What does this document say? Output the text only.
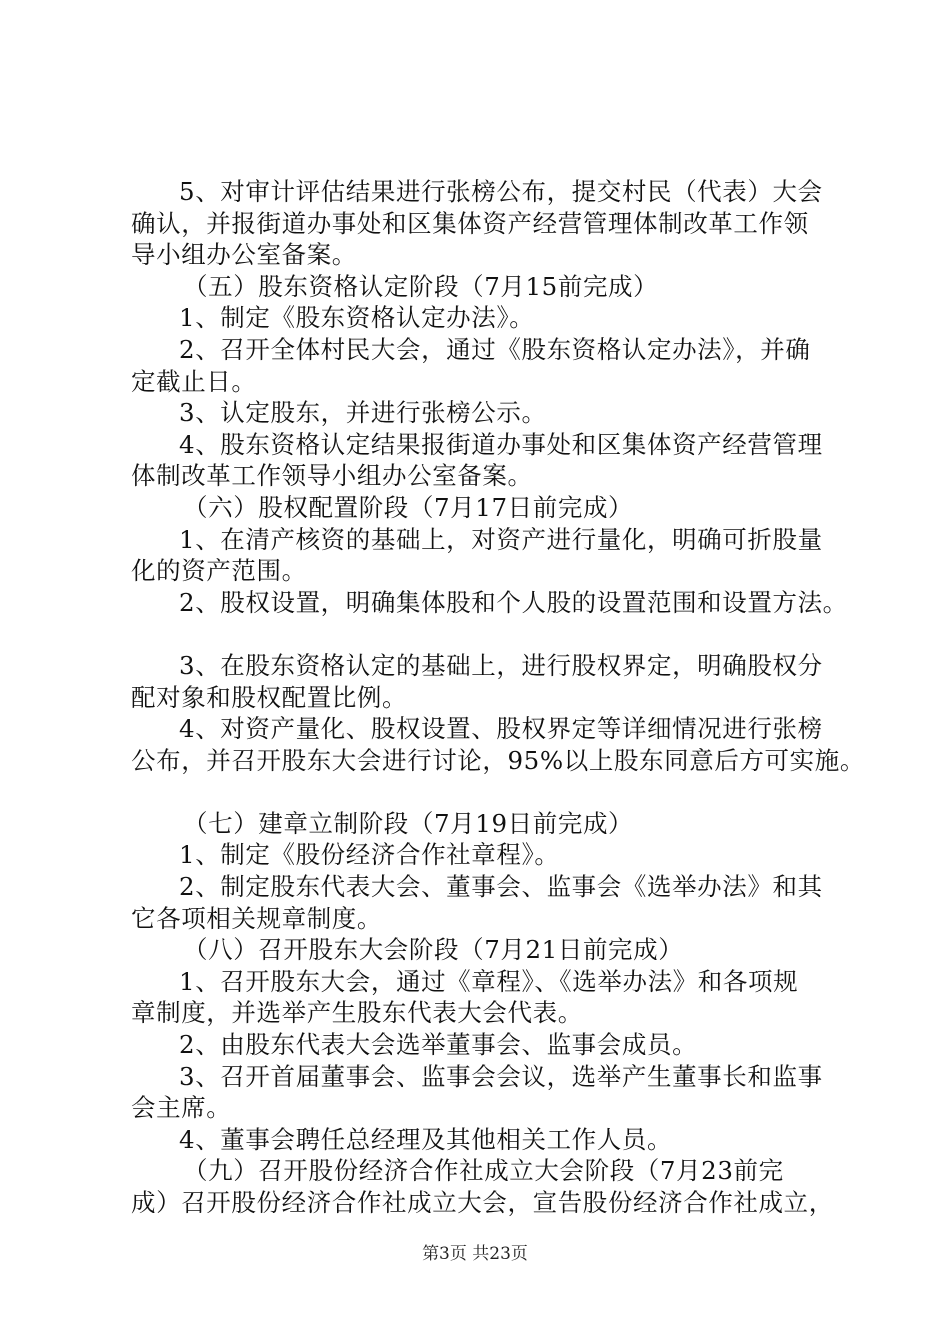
5、对审计评估结果进行张榜公布，提交村民（代表）大会
确认，并报街道办事处和区集体资产经营管理体制改革工作领
导小组办公室备案。
（五）股东资格认定阶段（7月15前完成）
1、制定《股东资格认定办法》。
2、召开全体村民大会，通过《股东资格认定办法》，并确
定截止日。
3、认定股东，并进行张榜公示。
4、股东资格认定结果报街道办事处和区集体资产经营管理
体制改革工作领导小组办公室备案。
（六）股权配置阶段（7月17日前完成）
1、在清产核资的基础上，对资产进行量化，明确可折股量
化的资产范围。
2、股权设置，明确集体股和个人股的设置范围和设置方法。
3、在股东资格认定的基础上，进行股权界定，明确股权分
配对象和股权配置比例。
4、对资产量化、股权设置、股权界定等详细情况进行张榜
公布，并召开股东大会进行讨论，95%以上股东同意后方可实施。
（七）建章立制阶段（7月19日前完成）
1、制定《股份经济合作社章程》。
2、制定股东代表大会、董事会、监事会《选举办法》和其
它各项相关规章制度。
（八）召开股东大会阶段（7月21日前完成）
1、召开股东大会，通过《章程》、《选举办法》和各项规
章制度，并选举产生股东代表大会代表。
2、由股东代表大会选举董事会、监事会成员。
3、召开首届董事会、监事会会议，选举产生董事长和监事
会主席。
4、董事会聘任总经理及其他相关工作人员。
（九）召开股份经济合作社成立大会阶段（7月23前完
成）召开股份经济合作社成立大会，宣告股份经济合作社成立，
第3页 共23页
